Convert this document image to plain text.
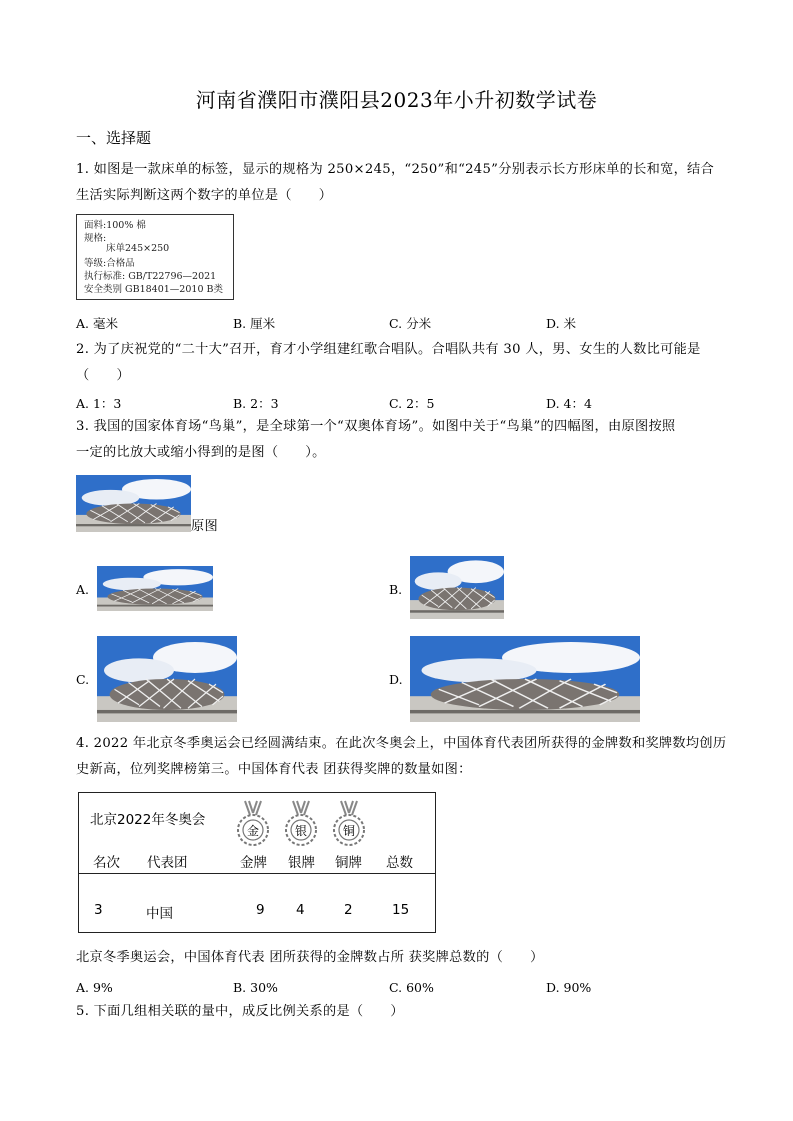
河南省濮阳市濮阳县2023年小升初数学试卷
一、选择题
1. 如图是一款床单的标签，显示的规格为 250×245，“250”和“245”分别表示长方形床单的长和宽，结合
生活实际判断这两个数字的单位是（　　）
面料:100% 棉
规格:
床单245×250
等级:合格品
执行标准: GB/T22796—2021
安全类别 GB18401—2010 B类
A. 毫米	B. 厘米	C. 分米	D. 米
2. 为了庆祝党的“二十大”召开，育才小学组建红歌合唱队。合唱队共有 30 人，男、女生的人数比可能是
（　　）
A. 1：3	B. 2：3	C. 2：5	D. 4：4
3. 我国的国家体育场“鸟巢”，是全球第一个“双奥体育场”。如图中关于“鸟巢”的四幅图，由原图按照
一定的比放大或缩小得到的是图（　　）。
原图
A.	B.
C.	D.
4. 2022 年北京冬季奥运会已经圆满结束。在此次冬奥会上，中国体育代表团所获得的金牌数和奖牌数均创历
史新高，位列奖牌榜第三。中国体育代表 团获得奖牌的数量如图：
北京2022年冬奥会
金	银	铜
名次 代表团	金牌 银牌 铜牌 总数
3	中国	9 4	2	15
北京冬季奥运会，中国体育代表 团所获得的金牌数占所 获奖牌总数的（　　）
A. 9%	B. 30%	C. 60%	D. 90%
5. 下面几组相关联的量中，成反比例关系的是（　　）
